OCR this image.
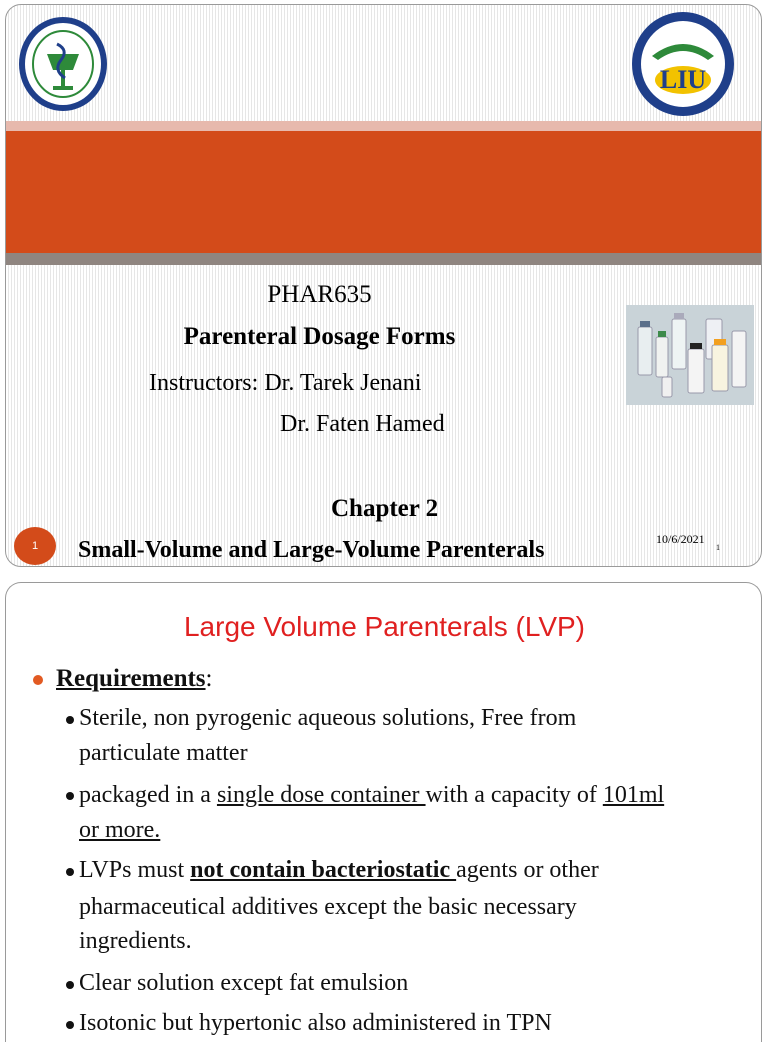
LIU
PHAR635
Parenteral Dosage Forms
Instructors: Dr. Tarek Jenani
Dr. Faten Hamed
Chapter 2
1	Small-Volume and Large-Volume Parenterals	10/6/2021
1
Large Volume Parenterals (LVP)
Requirements:
Sterile, non pyrogenic aqueous solutions, Free from
particulate matter
packaged in a single dose container with a capacity of 101ml
or more.
LVPs must not contain bacteriostatic agents or other
pharmaceutical additives except the basic necessary
ingredients.
Clear solution except fat emulsion
Isotonic but hypertonic also administered in TPN
